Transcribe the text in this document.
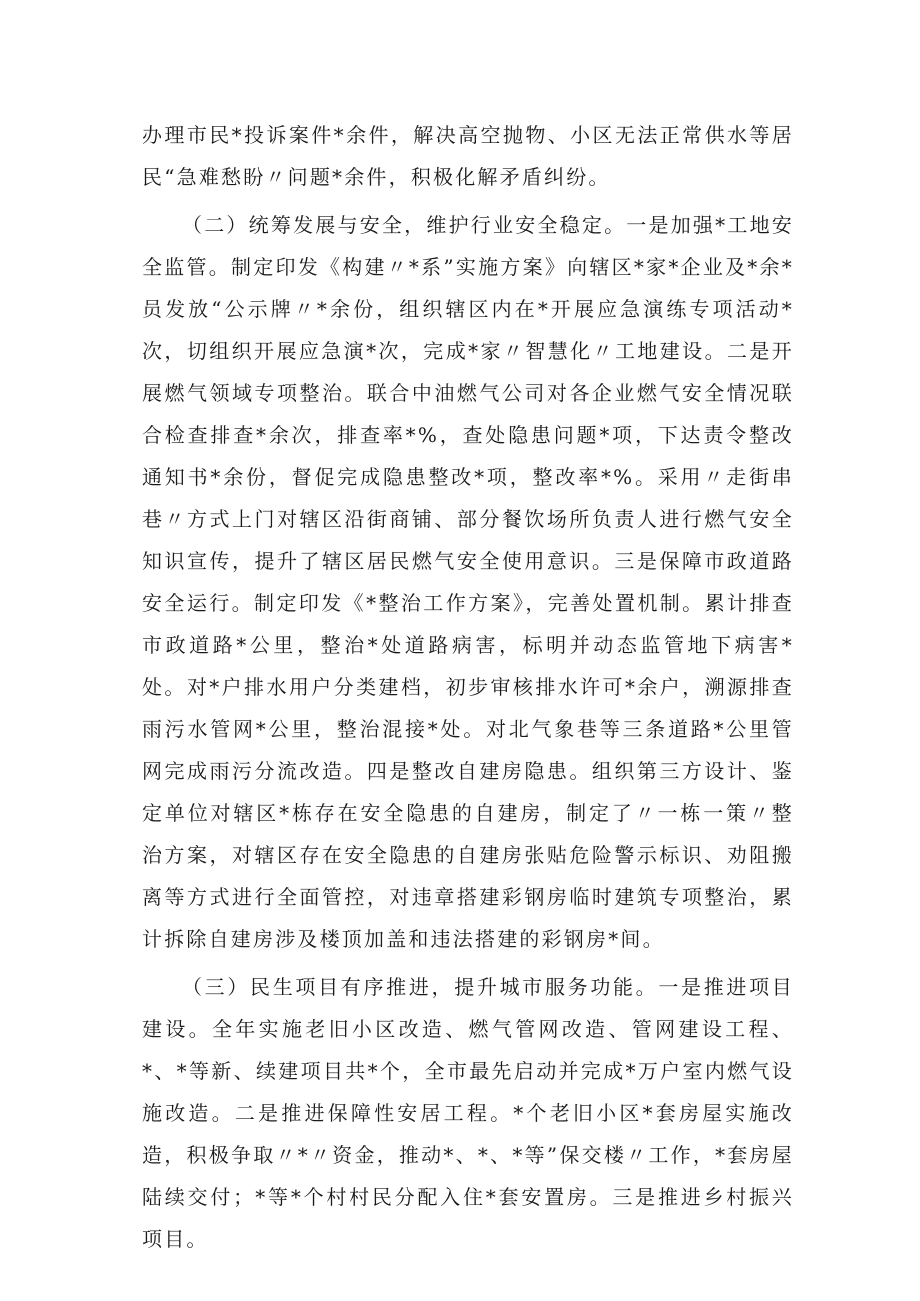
办理市民*投诉案件*余件，解决高空抛物、小区无法正常供水等居民“急难愁盼〃问题*余件，积极化解矛盾纠纷。

（二）统筹发展与安全，维护行业安全稳定。一是加强*工地安全监管。制定印发《构建〃*系”实施方案》向辖区*家*企业及*余*员发放“公示牌〃*余份，组织辖区内在*开展应急演练专项活动*次，切组织开展应急演*次，完成*家〃智慧化〃工地建设。二是开展燃气领域专项整治。联合中油燃气公司对各企业燃气安全情况联合检查排查*余次，排查率*%，查处隐患问题*项，下达责令整改通知书*余份，督促完成隐患整改*项，整改率*%。采用〃走街串巷〃方式上门对辖区沿街商铺、部分餐饮场所负责人进行燃气安全知识宣传，提升了辖区居民燃气安全使用意识。三是保障市政道路安全运行。制定印发《*整治工作方案》，完善处置机制。累计排查市政道路*公里，整治*处道路病害，标明并动态监管地下病害*处。对*户排水用户分类建档，初步审核排水许可*余户，溯源排查雨污水管网*公里，整治混接*处。对北气象巷等三条道路*公里管网完成雨污分流改造。四是整改自建房隐患。组织第三方设计、鉴定单位对辖区*栋存在安全隐患的自建房，制定了〃一栋一策〃整治方案，对辖区存在安全隐患的自建房张贴危险警示标识、劝阻搬离等方式进行全面管控，对违章搭建彩钢房临时建筑专项整治，累计拆除自建房涉及楼顶加盖和违法搭建的彩钢房*间。

（三）民生项目有序推进，提升城市服务功能。一是推进项目建设。全年实施老旧小区改造、燃气管网改造、管网建设工程、*、*等新、续建项目共*个，全市最先启动并完成*万户室内燃气设施改造。二是推进保障性安居工程。*个老旧小区*套房屋实施改造，积极争取〃*〃资金，推动*、*、*等”保交楼〃工作，*套房屋陆续交付；*等*个村村民分配入住*套安置房。三是推进乡村振兴项目。
